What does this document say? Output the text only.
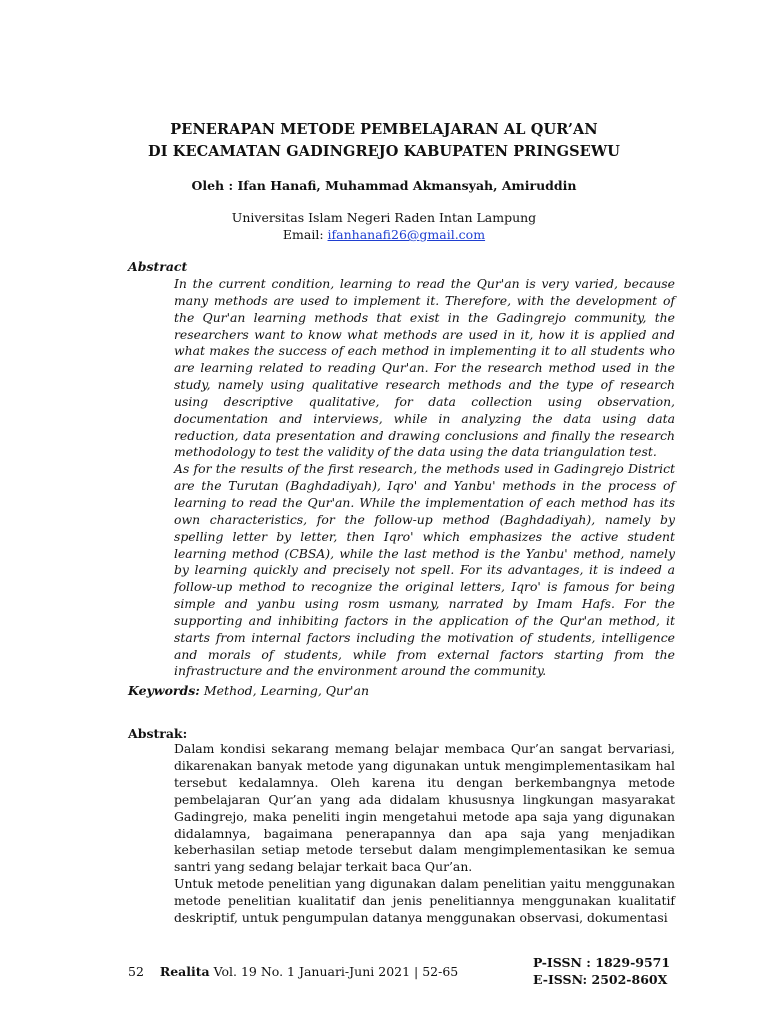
PENERAPAN METODE PEMBELAJARAN AL QUR’AN
DI KECAMATAN GADINGREJO KABUPATEN PRINGSEWU
Oleh : Ifan Hanafi, Muhammad Akmansyah, Amiruddin
Universitas Islam Negeri Raden Intan Lampung
Email: ifanhanafi26@gmail.com
Abstract

In the current condition, learning to read the Qur'an is very varied, because many methods are used to implement it. Therefore, with the development of the Qur'an learning methods that exist in the Gadingrejo community, the researchers want to know what methods are used in it, how it is applied and what makes the success of each method in implementing it to all students who are learning related to reading Qur'an. For the research method used in the study, namely using qualitative research methods and the type of research using descriptive qualitative, for data collection using observation, documentation and interviews, while in analyzing the data using data reduction, data presentation and drawing conclusions and finally the research methodology to test the validity of the data using the data triangulation test.

As for the results of the first research, the methods used in Gadingrejo District are the Turutan (Baghdadiyah), Iqro' and Yanbu' methods in the process of learning to read the Qur'an. While the implementation of each method has its own characteristics, for the follow-up method (Baghdadiyah), namely by spelling letter by letter, then Iqro' which emphasizes the active student learning method (CBSA), while the last method is the Yanbu' method, namely by learning quickly and precisely not spell. For its advantages, it is indeed a follow-up method to recognize the original letters, Iqro' is famous for being simple and yanbu using rosm usmany, narrated by Imam Hafs. For the supporting and inhibiting factors in the application of the Qur'an method, it starts from internal factors including the motivation of students, intelligence and morals of students, while from external factors starting from the infrastructure and the environment around the community.

Keywords: Method, Learning, Qur'an
Abstrak:

Dalam kondisi sekarang memang belajar membaca Qur’an sangat bervariasi, dikarenakan banyak metode yang digunakan untuk mengimplementasikam hal tersebut kedalamnya. Oleh karena itu dengan berkembangnya metode pembelajaran Qur’an yang ada didalam khususnya lingkungan masyarakat Gadingrejo, maka peneliti ingin mengetahui metode apa saja yang digunakan didalamnya, bagaimana penerapannya dan apa saja yang menjadikan keberhasilan setiap metode tersebut dalam mengimplementasikan ke semua santri yang sedang belajar terkait baca Qur’an.

Untuk metode penelitian yang digunakan dalam penelitian yaitu menggunakan metode penelitian kualitatif dan jenis penelitiannya menggunakan kualitatif deskriptif, untuk pengumpulan datanya menggunakan observasi, dokumentasi

52 Realita Vol. 19 No. 1 Januari-Juni 2021 | 52-65
P-ISSN : 1829-9571
E-ISSN: 2502-860X
